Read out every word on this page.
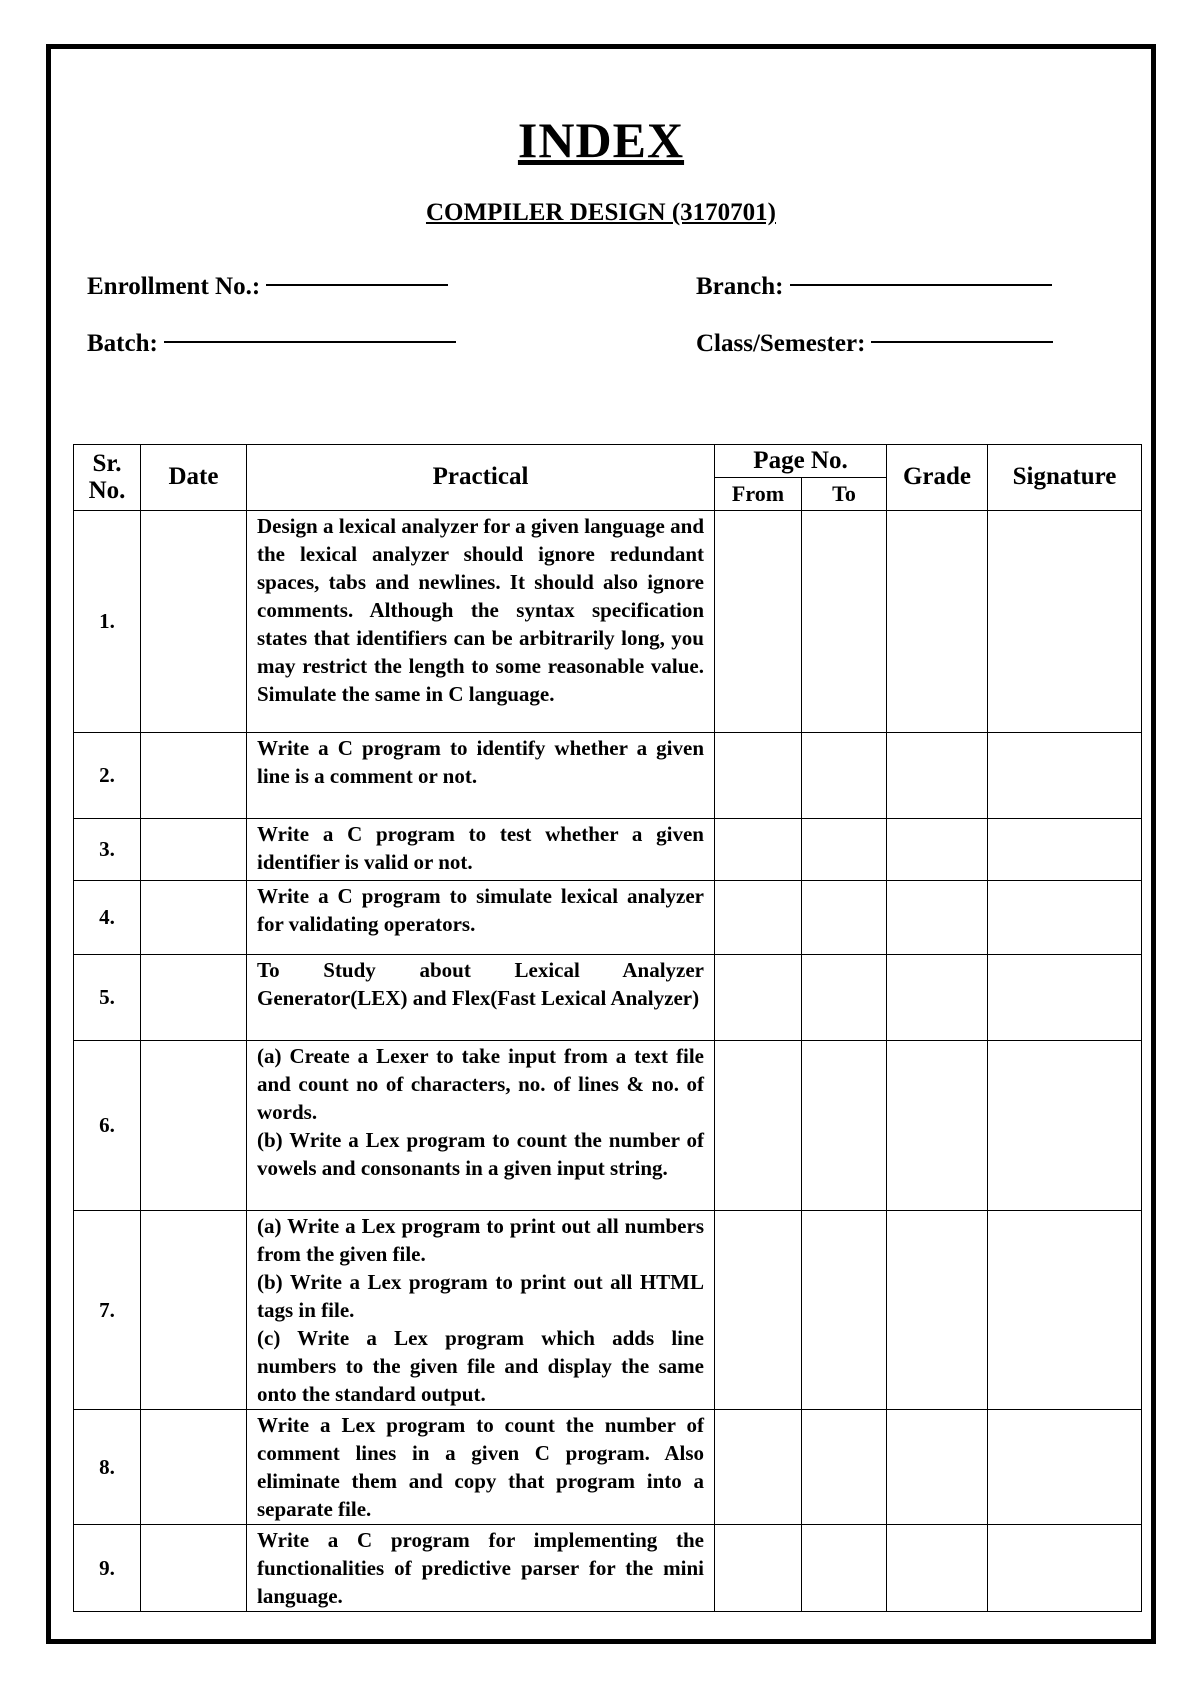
INDEX
COMPILER DESIGN (3170701)
Enrollment No.:
Batch:
Branch:
Class/Semester:
Sr. No.	Date	Practical	Page No.		Grade	Signature
			From	To		
1.		Design a lexical analyzer for a given language and the lexical analyzer should ignore redundant spaces, tabs and newlines. It should also ignore comments. Although the syntax specification states that identifiers can be arbitrarily long, you may restrict the length to some reasonable value. Simulate the same in C language.				

2.		Write a C program to identify whether a given line is a comment or not.				

3.		Write a C program to test whether a given identifier is valid or not.				

4.		Write a C program to simulate lexical analyzer for validating operators.				

5.		To Study about Lexical Analyzer Generator(LEX) and Flex(Fast Lexical Analyzer)				

6.		(a) Create a Lexer to take input from a text file and count no of characters, no. of lines & no. of words.

(b) Write a Lex program to count the number of vowels and consonants in a given input string.				

7.		(a) Write a Lex program to print out all numbers from the given file.

(b) Write a Lex program to print out all HTML tags in file.

(c) Write a Lex program which adds line numbers to the given file and display the same onto the standard output.				

8.		Write a Lex program to count the number of comment lines in a given C program. Also eliminate them and copy that program into a separate file.				

9.		Write a C program for implementing the functionalities of predictive parser for the mini language.				
